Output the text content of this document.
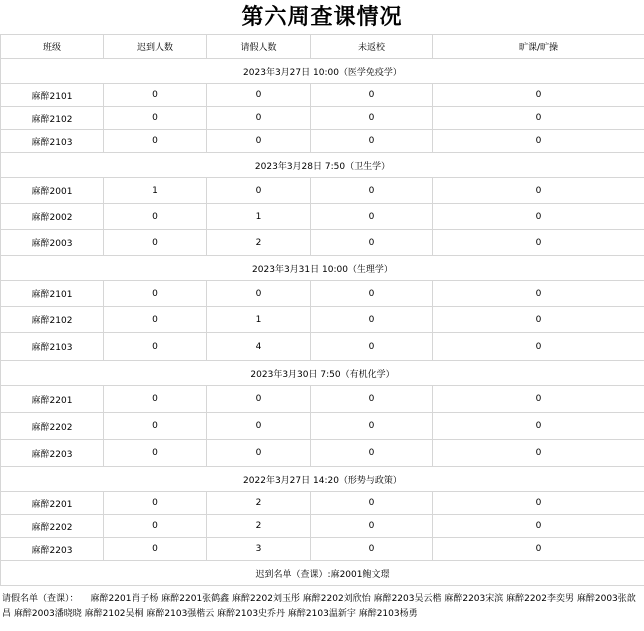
第六周查课情况
班级	迟到人数	请假人数	未返校	旷课/旷操
2023年3月27日 10:00（医学免疫学）				
麻醉2101	0	0	0	0
麻醉2102	0	0	0	0
麻醉2103	0	0	0	0
2023年3月28日 7:50（卫生学）				
麻醉2001	1	0	0	0
麻醉2002	0	1	0	0
麻醉2003	0	2	0	0
2023年3月31日 10:00（生理学）				
麻醉2101	0	0	0	0
麻醉2102	0	1	0	0
麻醉2103	0	4	0	0
2023年3月30日 7:50（有机化学）				
麻醉2201	0	0	0	0
麻醉2202	0	0	0	0
麻醉2203	0	0	0	0
2022年3月27日 14:20（形势与政策）				
麻醉2201	0	2	0	0
麻醉2202	0	2	0	0
麻醉2203	0	3	0	0
迟到名单（查课）:麻2001鲍文璟				
请假名单（查课）： 麻醉2201肖子杨 麻醉2201张鹤鑫 麻醉2202刘玉彤 麻醉2202刘欣怡 麻醉2203吴云楷 麻醉2203宋滨 麻醉2202李奕男 麻醉2003张歆昌 麻醉2003潘晓晓 麻醉2102吴桐 麻醉2103强楷云 麻醉2103史乔丹 麻醉2103温新宇 麻醉2103杨勇
